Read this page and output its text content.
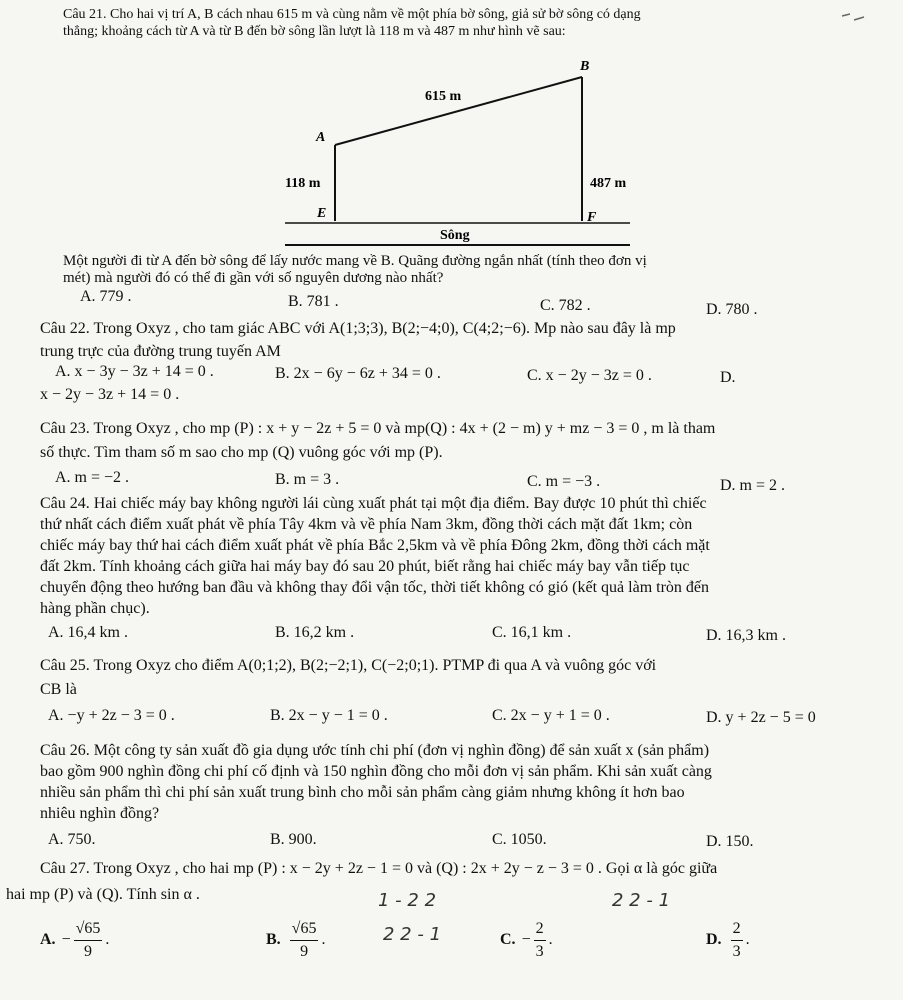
Câu 21. Cho hai vị trí A, B cách nhau 615 m và cùng nằm về một phía bờ sông, giả sử bờ sông có dạng
thẳng; khoảng cách từ A và từ B đến bờ sông lần lượt là 118 m và 487 m như hình vẽ sau:
B
615 m
A
118 m	487 m
E	F
Sông
Một người đi từ A đến bờ sông để lấy nước mang về B. Quãng đường ngắn nhất (tính theo đơn vị
mét) mà người đó có thể đi gần với số nguyên dương nào nhất?
A. 779 .	B. 781 .	C. 782 .	D. 780 .
Câu 22. Trong Oxyz , cho tam giác ABC với A(1;3;3), B(2;−4;0), C(4;2;−6). Mp nào sau đây là mp
trung trực của đường trung tuyến AM
A. x − 3y − 3z + 14 = 0 .	B. 2x − 6y − 6z + 34 = 0 .	C. x − 2y − 3z = 0 .	D.
x − 2y − 3z + 14 = 0 .
Câu 23. Trong Oxyz , cho mp (P) : x + y − 2z + 5 = 0 và mp(Q) : 4x + (2 − m) y + mz − 3 = 0 , m là tham
số thực. Tìm tham số m sao cho mp (Q) vuông góc với mp (P).
A. m = −2 .	B. m = 3 .	C. m = −3 .	D. m = 2 .
Câu 24. Hai chiếc máy bay không người lái cùng xuất phát tại một địa điểm. Bay được 10 phút thì chiếc
thứ nhất cách điểm xuất phát về phía Tây 4km và về phía Nam 3km, đồng thời cách mặt đất 1km; còn
chiếc máy bay thứ hai cách điểm xuất phát về phía Bắc 2,5km và về phía Đông 2km, đồng thời cách mặt
đất 2km. Tính khoảng cách giữa hai máy bay đó sau 20 phút, biết rằng hai chiếc máy bay vẫn tiếp tục
chuyển động theo hướng ban đầu và không thay đổi vận tốc, thời tiết không có gió (kết quả làm tròn đến
hàng phần chục).
A. 16,4 km .	B. 16,2 km .	C. 16,1 km .	D. 16,3 km .
Câu 25. Trong Oxyz cho điểm A(0;1;2), B(2;−2;1), C(−2;0;1). PTMP đi qua A và vuông góc với
CB là
A. −y + 2z − 3 = 0 .	B. 2x − y − 1 = 0 .	C. 2x − y + 1 = 0 .	D. y + 2z − 5 = 0
Câu 26. Một công ty sản xuất đồ gia dụng ước tính chi phí (đơn vị nghìn đồng) để sản xuất x (sản phẩm)
bao gồm 900 nghìn đồng chi phí cố định và 150 nghìn đồng cho mỗi đơn vị sản phẩm. Khi sản xuất càng
nhiều sản phẩm thì chi phí sản xuất trung bình cho mỗi sản phẩm càng giảm nhưng không ít hơn bao
nhiêu nghìn đồng?
A. 750.	B. 900.	C. 1050.	D. 150.
Câu 27. Trong Oxyz , cho hai mp (P) : x − 2y + 2z − 1 = 0 và (Q) : 2x + 2y − z − 3 = 0 . Gọi α là góc giữa
hai mp (P) và (Q). Tính sin α .
A. − $\frac{√65}{9}$ .	B. $\frac{√65}{9}$ .	C. − $\frac{2}{3}$ .	D. $\frac{2}{3}$ .
1 - 2 2
2 2 - 1
2 2 - 1
